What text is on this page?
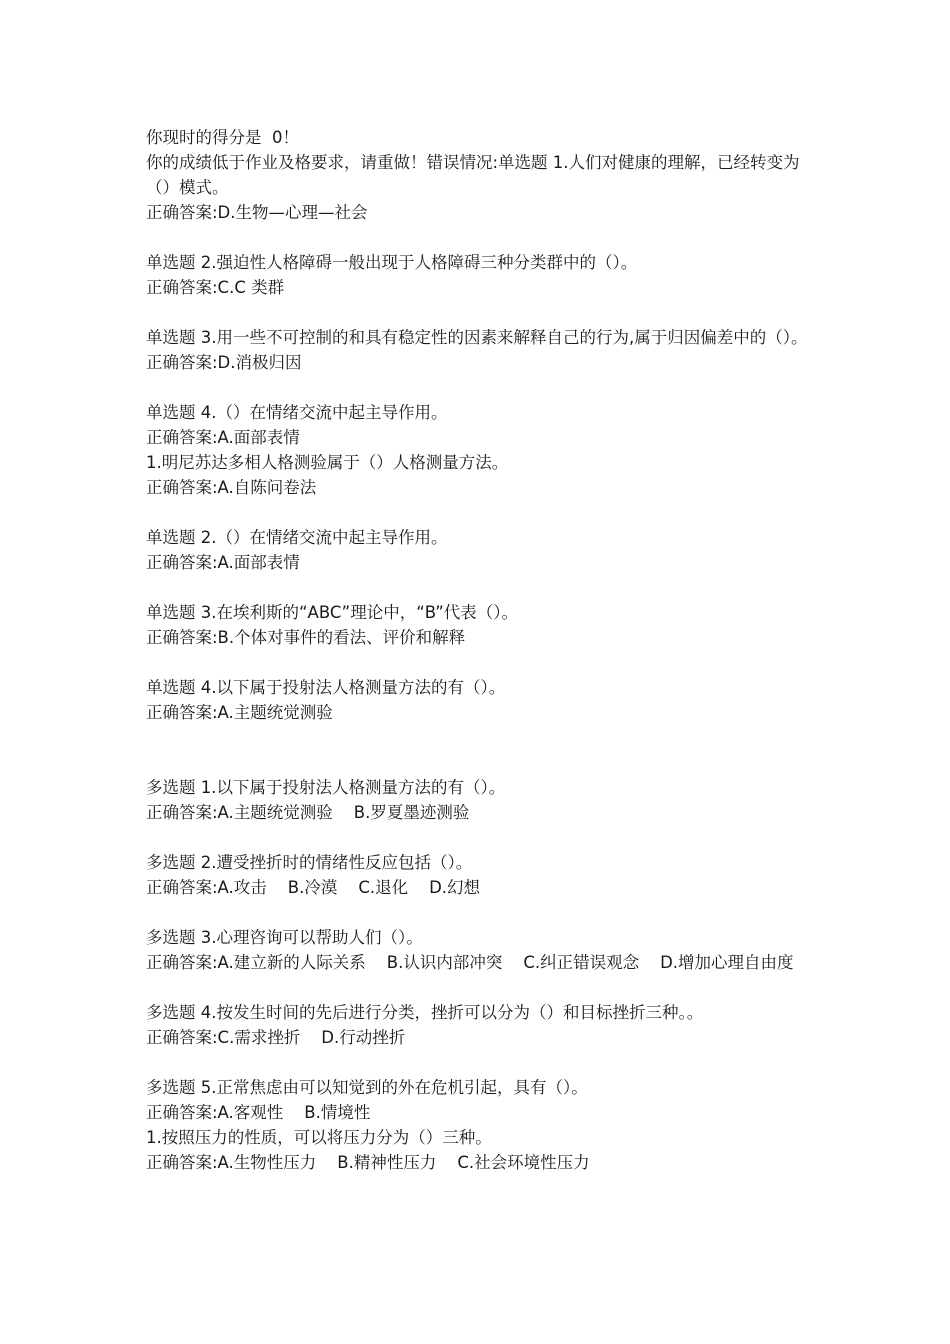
你现时的得分是  0！
你的成绩低于作业及格要求，请重做！错误情况:单选题 1.人们对健康的理解，已经转变为（）模式。
正确答案:D.生物—心理—社会
单选题 2.强迫性人格障碍一般出现于人格障碍三种分类群中的（）。
正确答案:C.C 类群
单选题 3.用一些不可控制的和具有稳定性的因素来解释自己的行为,属于归因偏差中的（）。
正确答案:D.消极归因
单选题 4.（）在情绪交流中起主导作用。
正确答案:A.面部表情
1.明尼苏达多相人格测验属于（）人格测量方法。
正确答案:A.自陈问卷法
单选题 2.（）在情绪交流中起主导作用。
正确答案:A.面部表情
单选题 3.在埃利斯的“ABC”理论中，“B”代表（）。
正确答案:B.个体对事件的看法、评价和解释
单选题 4.以下属于投射法人格测量方法的有（）。
正确答案:A.主题统觉测验
多选题 1.以下属于投射法人格测量方法的有（）。
正确答案:A.主题统觉测验    B.罗夏墨迹测验
多选题 2.遭受挫折时的情绪性反应包括（）。
正确答案:A.攻击    B.冷漠    C.退化    D.幻想
多选题 3.心理咨询可以帮助人们（）。
正确答案:A.建立新的人际关系    B.认识内部冲突    C.纠正错误观念    D.增加心理自由度
多选题 4.按发生时间的先后进行分类，挫折可以分为（）和目标挫折三种。。
正确答案:C.需求挫折    D.行动挫折
多选题 5.正常焦虑由可以知觉到的外在危机引起，具有（）。
正确答案:A.客观性    B.情境性
1.按照压力的性质，可以将压力分为（）三种。
正确答案:A.生物性压力    B.精神性压力    C.社会环境性压力
